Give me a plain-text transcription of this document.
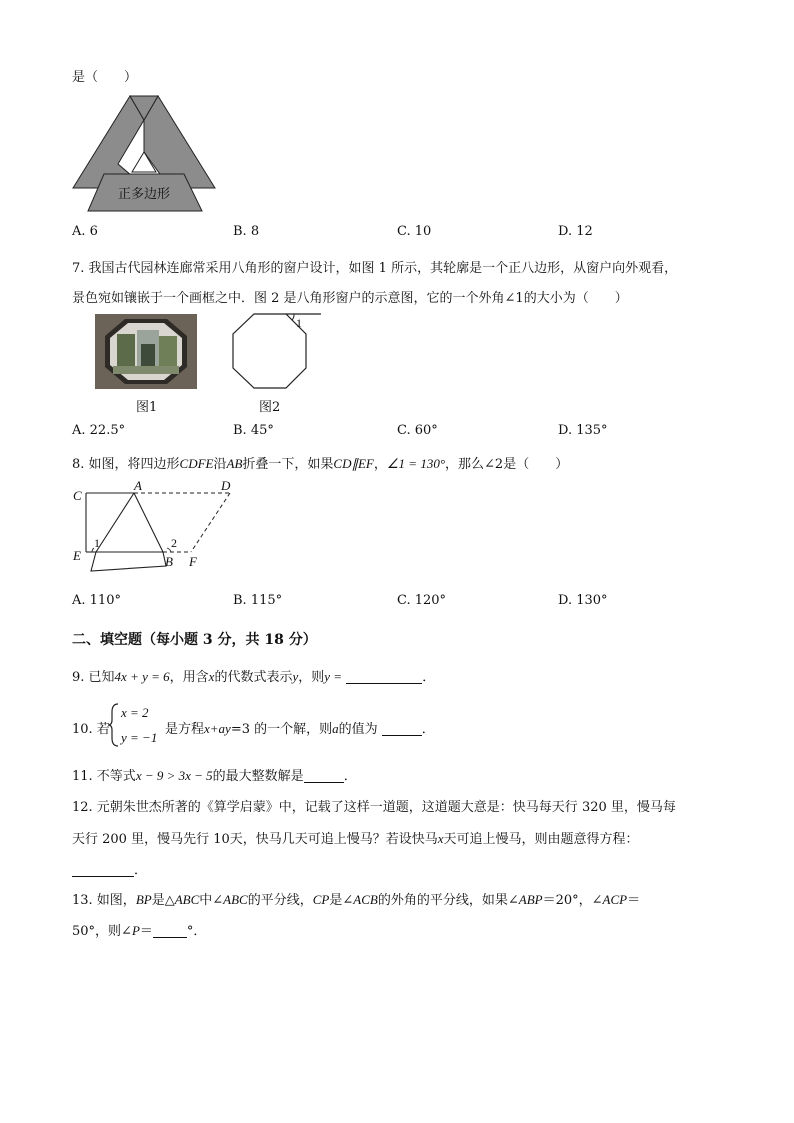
是（　　）
正多边形
A. 6	B. 8	C. 10	D. 12
7. 我国古代园林连廊常采用八角形的窗户设计，如图 1 所示，其轮廓是一个正八边形，从窗户向外观看，
景色宛如镶嵌于一个画框之中．图 2 是八角形窗户的示意图，它的一个外角∠1的大小为（　　）
图1
1
图2
A. 22.5°	B. 45°	C. 60°	D. 135°
8. 如图，将四边形CDFE沿AB折叠一下，如果CD∥EF，∠1 = 130°，那么∠2是（　　）
C
A	D
E	B F
1	2
A. 110°	B. 115°	C. 120°	D. 130°
二、填空题（每小题 3 分，共 18 分）
9. 已知4x + y = 6，用含x的代数式表示y，则y =	．
10. 若
x = 2
y = −1
是方程x+ay=3 的一个解，则a的值为	．
11. 不等式x − 9 > 3x − 5的最大整数解是	．
12. 元朝朱世杰所著的《算学启蒙》中，记载了这样一道题，这道题大意是：快马每天行 320 里，慢马每
天行 200 里，慢马先行 10天，快马几天可追上慢马？若设快马x天可追上慢马，则由题意得方程：
．
13. 如图，BP是△ABC中∠ABC的平分线，CP是∠ACB的外角的平分线，如果∠ABP＝20°，∠ACP＝
50°，则∠P＝	°．
